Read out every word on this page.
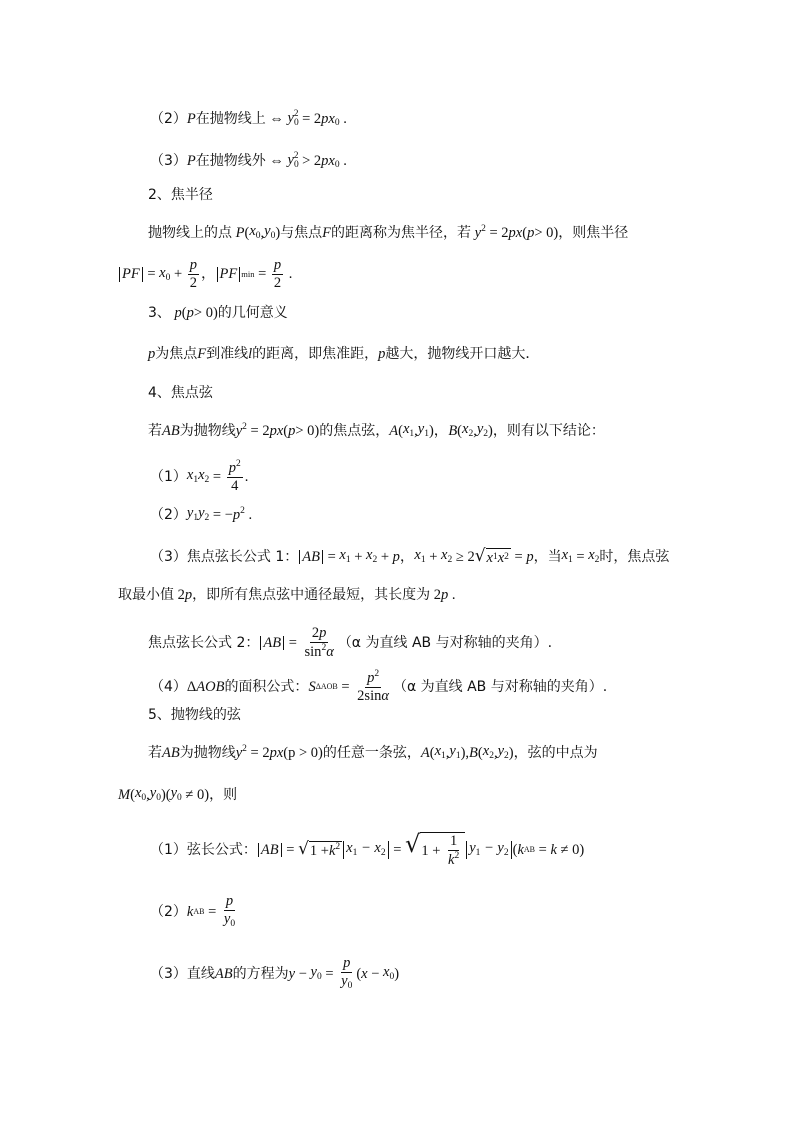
（2） P 在抛物线上 ⇔ $y_0^2 = 2$ px $_0$ .
（3） P 在抛物线外 ⇔ $y_0^2 > 2$ px $_0$ .
2、焦半径
抛物线上的点 P ( $x_0$ , $y_0$ ) 与焦点 F 的距离称为焦半径，若 $y^2 = 2$ px ( p > 0) ，则焦半径
PF = $x_0 + \frac{p}{2}$ ， PF $\min = \frac{p}{2}$ .
3、 p ( p > 0) 的几何意义
p 为焦点 F 到准线 l 的距离，即焦准距， p 越大，抛物线开口越大．
4、焦点弦
若 AB 为抛物线 $y^2 = 2$ px ( p > 0) 的焦点弦， A ( $x_1$ , $y_1$ )， B ( $x_2$ , $y_2$ ) ，则有以下结论：
（1） $x_1x_2 = \frac{p^2}{4}$ .
（2） $y_1y_2$ = − $p^2$ .
（3）焦点弦长公式 1： AB = $x_1 + x_2 + p$ ， $x_1 + x_2 \ge 2$ √ x 1 x 2 = p ，当 $x_1 = x_2$ 时，焦点弦
取最小值 2 p ，即所有焦点弦中通径最短，其长度为 2 p .
焦点弦长公式 2： AB = $\frac{2p}{\sin^2\alpha} (\alpha$ 为直线 AB 与对称轴的夹角）.
（4） Δ AOB 的面积公式： S $\Delta AOB = \frac{p^2}{2\sin\alpha} (\alpha$ 为直线 AB 与对称轴的夹角）.
5、抛物线的弦
若 AB 为抛物线 $y^2 = 2$ px (p > 0) 的任意一条弦， A ( $x_1$ , $y_1$ ), B ( $x_2$ , $y_2$ ) ，弦的中点为
M ( $x_0$ , $y_0$ )( $y_0 \ne 0$) ，则
（1）弦长公式： AB = √ $1 + k^2$ $x_1 - x_2$ = √ $1 + \frac{1}{k^2} y_1 - y_2$ ( k AB = k ≠ 0)
（2） k AB = $\frac{p}{y_0}$
（3）直线 AB 的方程为 $y - y_0 = \frac{p}{y_0}$ ( $x - x_0$ )
